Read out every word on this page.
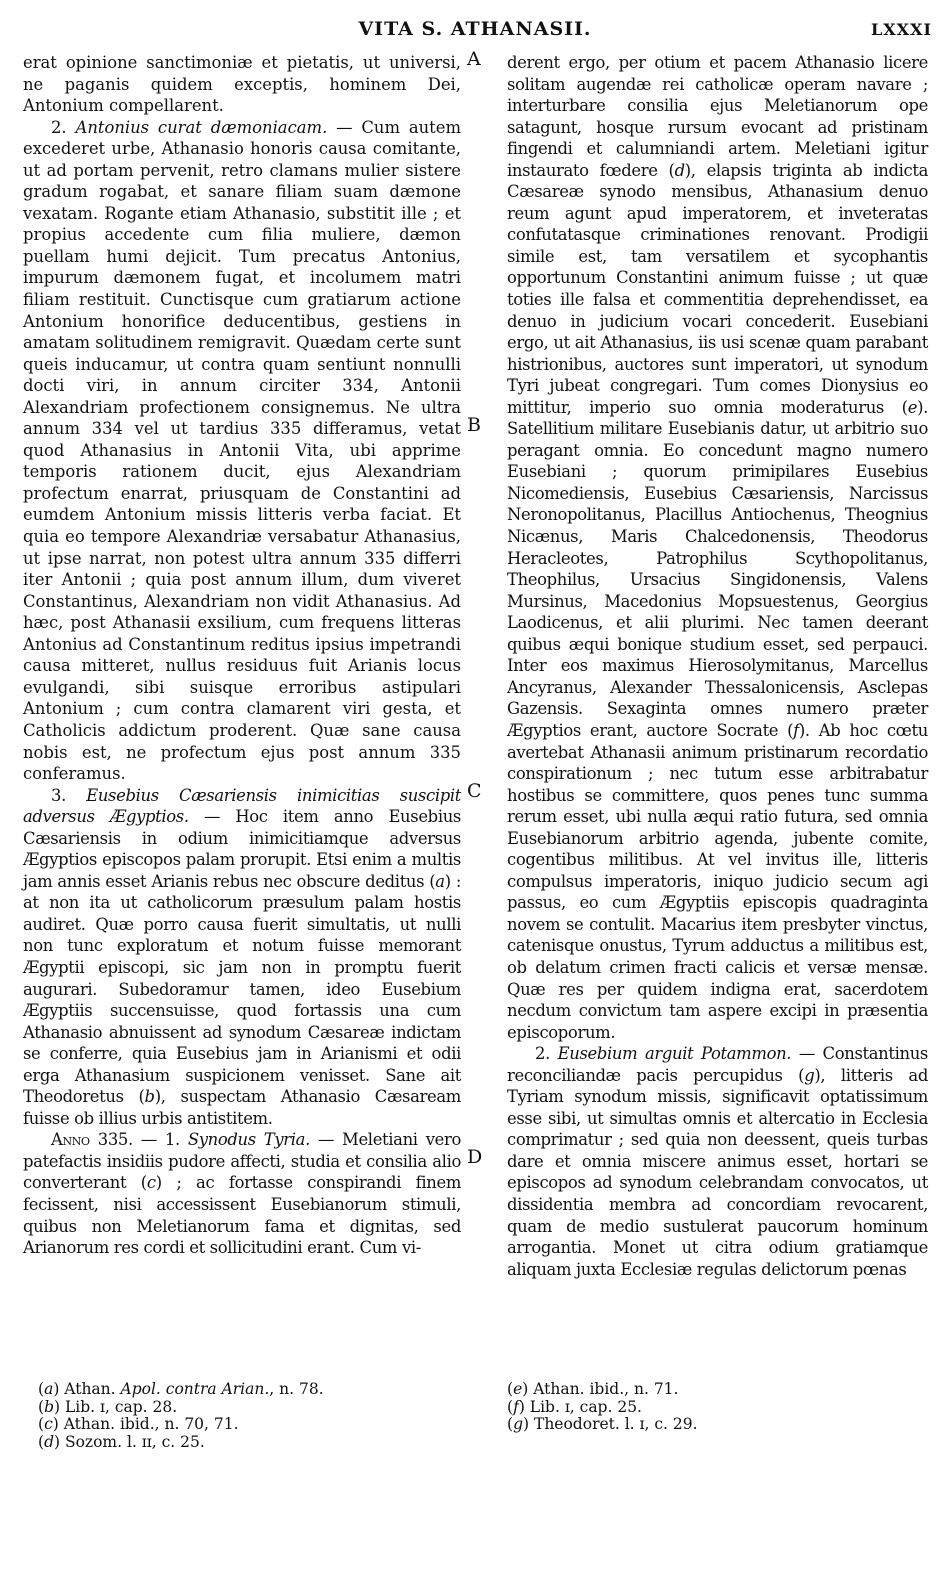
VITA S. ATHANASII.	LXXXI

erat opinione sanctimoniæ et pietatis, ut universi, ne paganis quidem exceptis, hominem Dei, Antonium compellarent.

2. Antonius curat dæmoniacam. — Cum autem excederet urbe, Athanasio honoris causa comitante, ut ad portam pervenit, retro clamans mulier sistere gradum rogabat, et sanare filiam suam dæmone vexatam. Rogante etiam Athanasio, substitit ille ; et propius accedente cum filia muliere, dæmon puellam humi dejicit. Tum precatus Antonius, impurum dæmonem fugat, et incolumem matri filiam restituit. Cunctisque cum gratiarum actione Antonium honorifice deducentibus, gestiens in amatam solitudinem remigravit. Quædam certe sunt queis inducamur, ut contra quam sentiunt nonnulli docti viri, in annum circiter 334, Antonii Alexandriam profectionem consignemus. Ne ultra annum 334 vel ut tardius 335 differamus, vetat quod Athanasius in Antonii Vita, ubi apprime temporis rationem ducit, ejus Alexandriam profectum enarrat, priusquam de Constantini ad eumdem Antonium missis litteris verba faciat. Et quia eo tempore Alexandriæ versabatur Athanasius, ut ipse narrat, non potest ultra annum 335 differri iter Antonii ; quia post annum illum, dum viveret Constantinus, Alexandriam non vidit Athanasius. Ad hæc, post Athanasii exsilium, cum frequens litteras Antonius ad Constantinum reditus ipsius impetrandi causa mitteret, nullus residuus fuit Arianis locus evulgandi, sibi suisque erroribus astipulari Antonium ; cum contra clamarent viri gesta, et Catholicis addictum proderent. Quæ sane causa nobis est, ne profectum ejus post annum 335 conferamus.

3. Eusebius Cæsariensis inimicitias suscipit adversus Ægyptios. — Hoc item anno Eusebius Cæsariensis in odium inimicitiamque adversus Ægyptios episcopos palam prorupit. Etsi enim a multis jam annis esset Arianis rebus nec obscure deditus (a) : at non ita ut catholicorum præsulum palam hostis audiret. Quæ porro causa fuerit simultatis, ut nulli non tunc exploratum et notum fuisse memorant Ægyptii episcopi, sic jam non in promptu fuerit augurari. Subedoramur tamen, ideo Eusebium Ægyptiis succensuisse, quod fortassis una cum Athanasio abnuissent ad synodum Cæsareæ indictam se conferre, quia Eusebius jam in Arianismi et odii erga Athanasium suspicionem venisset. Sane ait Theodoretus (b), suspectam Athanasio Cæsaream fuisse ob illius urbis antistitem.

Anno 335. — 1. Synodus Tyria. — Meletiani vero patefactis insidiis pudore affecti, studia et consilia alio converterant (c) ; ac fortasse conspirandi finem fecissent, nisi accessissent Eusebianorum stimuli, quibus non Meletianorum fama et dignitas, sed Arianorum res cordi et sollicitudini erant. Cum vi-

A
B
C
D

derent ergo, per otium et pacem Athanasio licere solitam augendæ rei catholicæ operam navare ; interturbare consilia ejus Meletianorum ope satagunt, hosque rursum evocant ad pristinam fingendi et calumniandi artem. Meletiani igitur instaurato fœdere (d), elapsis triginta ab indicta Cæsareæ synodo mensibus, Athanasium denuo reum agunt apud imperatorem, et inveteratas confutatasque criminationes renovant. Prodigii simile est, tam versatilem et sycophantis opportunum Constantini animum fuisse ; ut quæ toties ille falsa et commentitia deprehendisset, ea denuo in judicium vocari concederit. Eusebiani ergo, ut ait Athanasius, iis usi scenæ quam parabant histrionibus, auctores sunt imperatori, ut synodum Tyri jubeat congregari. Tum comes Dionysius eo mittitur, imperio suo omnia moderaturus (e). Satellitium militare Eusebianis datur, ut arbitrio suo peragant omnia. Eo concedunt magno numero Eusebiani ; quorum primipilares Eusebius Nicomediensis, Eusebius Cæsariensis, Narcissus Neronopolitanus, Placillus Antiochenus, Theognius Nicænus, Maris Chalcedonensis, Theodorus Heracleotes, Patrophilus Scythopolitanus, Theophilus, Ursacius Singidonensis, Valens Mursinus, Macedonius Mopsuestenus, Georgius Laodicenus, et alii plurimi. Nec tamen deerant quibus æqui bonique studium esset, sed perpauci. Inter eos maximus Hierosolymitanus, Marcellus Ancyranus, Alexander Thessalonicensis, Asclepas Gazensis. Sexaginta omnes numero præter Ægyptios erant, auctore Socrate (f). Ab hoc cœtu avertebat Athanasii animum pristinarum recordatio conspirationum ; nec tutum esse arbitrabatur hostibus se committere, quos penes tunc summa rerum esset, ubi nulla æqui ratio futura, sed omnia Eusebianorum arbitrio agenda, jubente comite, cogentibus militibus. At vel invitus ille, litteris compulsus imperatoris, iniquo judicio secum agi passus, eo cum Ægyptiis episcopis quadraginta novem se contulit. Macarius item presbyter vinctus, catenisque onustus, Tyrum adductus a militibus est, ob delatum crimen fracti calicis et versæ mensæ. Quæ res per quidem indigna erat, sacerdotem necdum convictum tam aspere excipi in præsentia episcoporum.

2. Eusebium arguit Potammon. — Constantinus reconciliandæ pacis percupidus (g), litteris ad Tyriam synodum missis, significavit optatissimum esse sibi, ut simultas omnis et altercatio in Ecclesia comprimatur ; sed quia non deessent, queis turbas dare et omnia miscere animus esset, hortari se episcopos ad synodum celebrandam convocatos, ut dissidentia membra ad concordiam revocarent, quam de medio sustulerat paucorum hominum arrogantia. Monet ut citra odium gratiamque aliquam juxta Ecclesiæ regulas delictorum pœnas

(a) Athan. Apol. contra Arian., n. 78.
(b) Lib. ɪ, cap. 28.
(c) Athan. ibid., n. 70, 71.
(d) Sozom. l. ɪɪ, c. 25.
(e) Athan. ibid., n. 71.
(f) Lib. ɪ, cap. 25.
(g) Theodoret. l. ɪ, c. 29.
